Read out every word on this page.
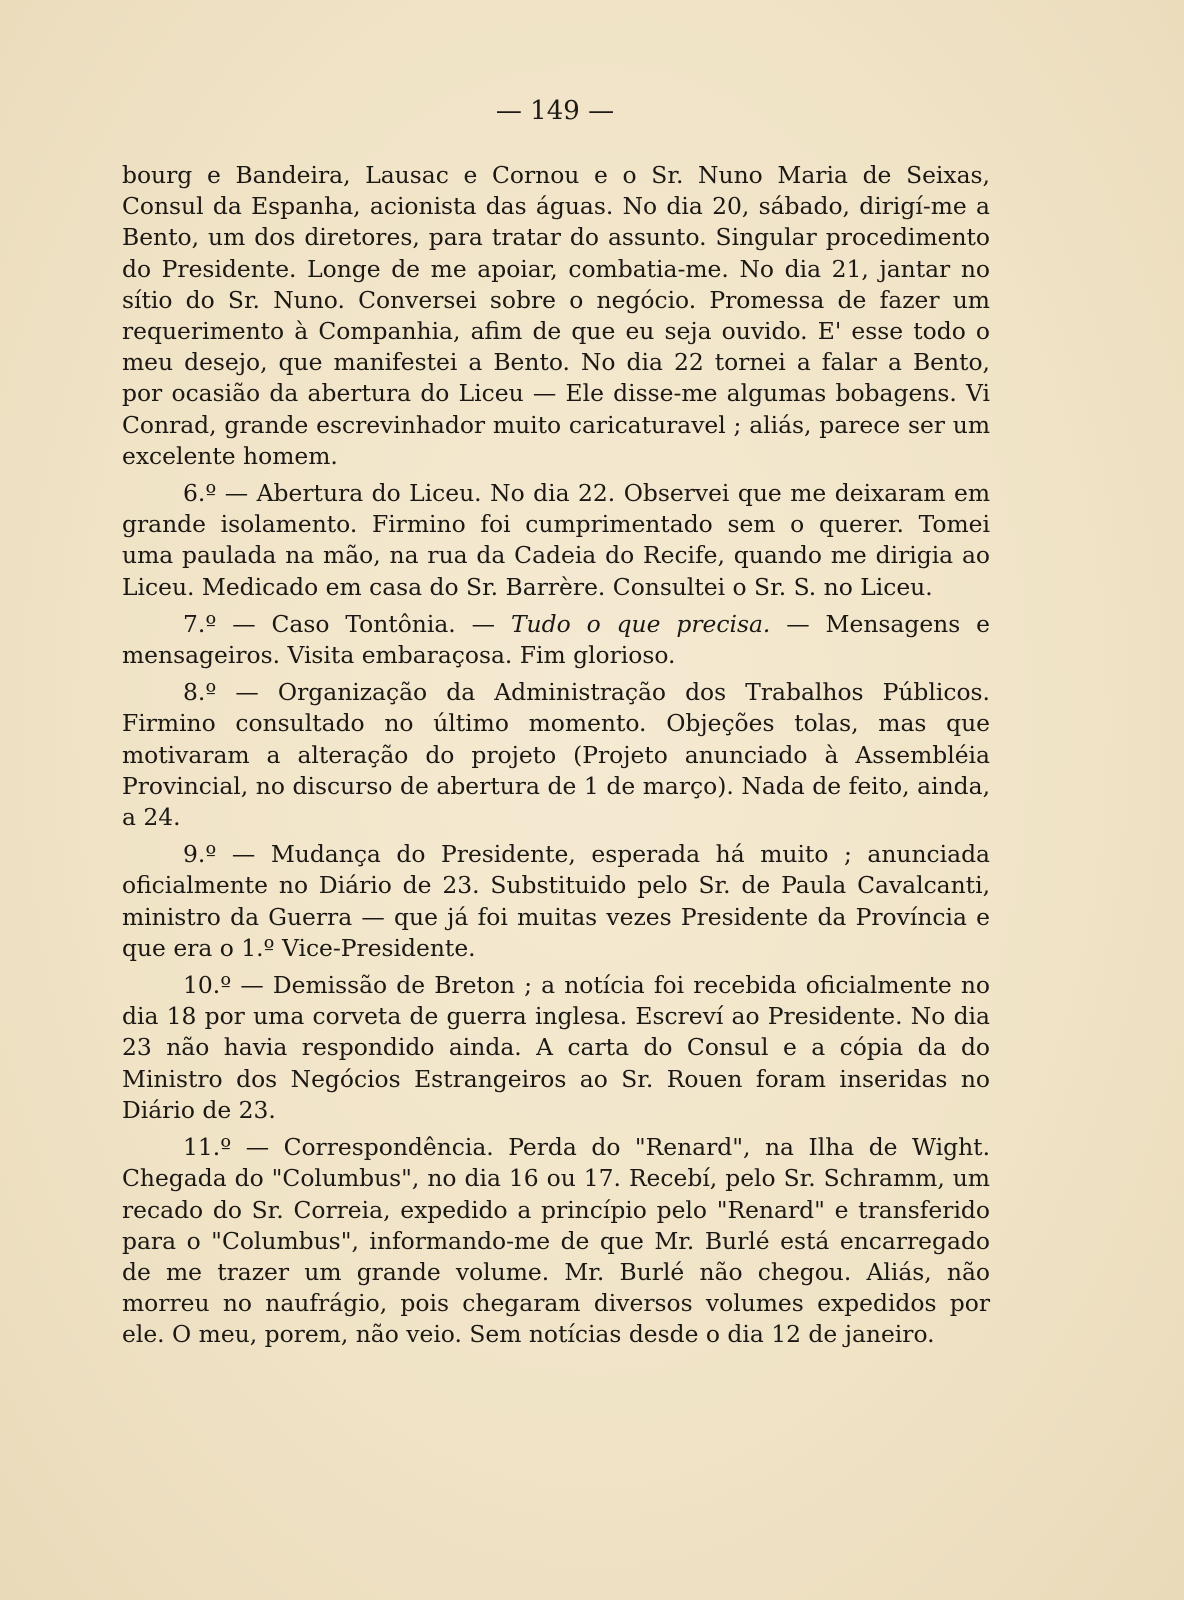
— 149 —

bourg e Bandeira, Lausac e Cornou e o Sr. Nuno Maria de Seixas, Consul da Espanha, acionista das águas. No dia 20, sábado, dirigí-me a Bento, um dos diretores, para tratar do assunto. Singular procedimento do Presidente. Longe de me apoiar, combatia-me. No dia 21, jantar no sítio do Sr. Nuno. Conversei sobre o negócio. Promessa de fazer um requerimento à Companhia, afim de que eu seja ouvido. E' esse todo o meu desejo, que manifestei a Bento. No dia 22 tornei a falar a Bento, por ocasião da abertura do Liceu — Ele disse-me algumas bobagens. Vi Conrad, grande escrevinhador muito caricaturavel ; aliás, parece ser um excelente homem.

6.º — Abertura do Liceu. No dia 22. Observei que me deixaram em grande isolamento. Firmino foi cumprimentado sem o querer. Tomei uma paulada na mão, na rua da Cadeia do Recife, quando me dirigia ao Liceu. Medicado em casa do Sr. Barrère. Consultei o Sr. S. no Liceu.

7.º — Caso Tontônia. — Tudo o que precisa. — Mensagens e mensageiros. Visita embaraçosa. Fim glorioso.

8.º — Organização da Administração dos Trabalhos Públicos. Firmino consultado no último momento. Objeções tolas, mas que motivaram a alteração do projeto (Projeto anunciado à Assembléia Provincial, no discurso de abertura de 1 de março). Nada de feito, ainda, a 24.

9.º — Mudança do Presidente, esperada há muito ; anunciada oficialmente no Diário de 23. Substituido pelo Sr. de Paula Cavalcanti, ministro da Guerra — que já foi muitas vezes Presidente da Província e que era o 1.º Vice-Presidente.

10.º — Demissão de Breton ; a notícia foi recebida oficialmente no dia 18 por uma corveta de guerra inglesa. Escreví ao Presidente. No dia 23 não havia respondido ainda. A carta do Consul e a cópia da do Ministro dos Negócios Estrangeiros ao Sr. Rouen foram inseridas no Diário de 23.

11.º — Correspondência. Perda do "Renard", na Ilha de Wight. Chegada do "Columbus", no dia 16 ou 17. Recebí, pelo Sr. Schramm, um recado do Sr. Correia, expedido a princípio pelo "Renard" e transferido para o "Columbus", informando-me de que Mr. Burlé está encarregado de me trazer um grande volume. Mr. Burlé não chegou. Aliás, não morreu no naufrágio, pois chegaram diversos volumes expedidos por ele. O meu, porem, não veio. Sem notícias desde o dia 12 de janeiro.
